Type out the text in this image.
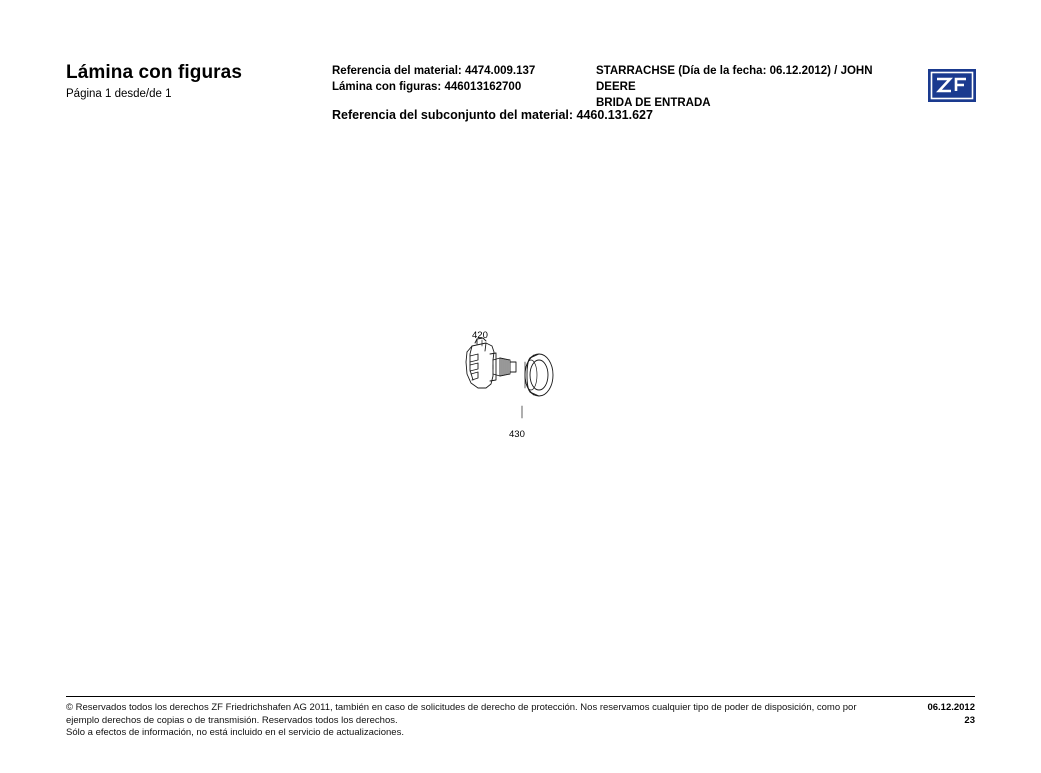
Lámina con figuras
Página 1 desde/de 1
Referencia del material: 4474.009.137
Lámina con figuras: 446013162700
STARRACHSE (Día de la fecha: 06.12.2012) / JOHN
DEERE
BRIDA DE ENTRADA
Referencia del subconjunto del material: 4460.131.627
420
430
© Reservados todos los derechos ZF Friedrichshafen AG 2011, también en caso de solicitudes de derecho de protección. Nos reservamos cualquier tipo de poder de disposición, como por
ejemplo derechos de copias o de transmisión. Reservados todos los derechos.
Sólo a efectos de información, no está incluido en el servicio de actualizaciones.
06.12.2012
23
